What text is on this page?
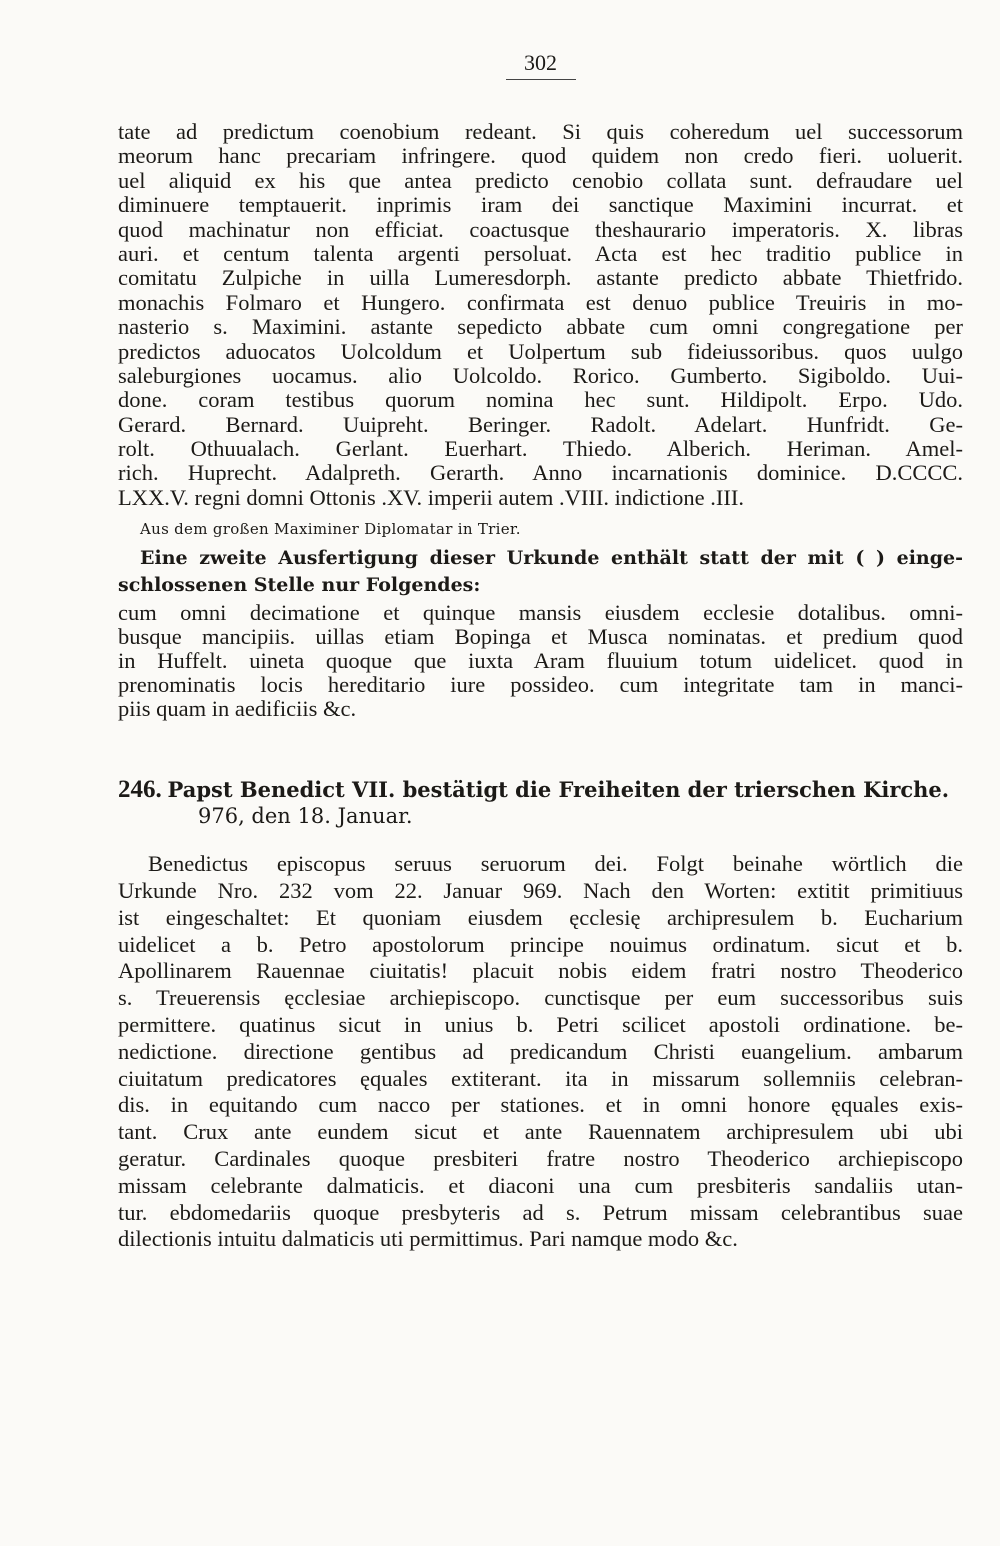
302
tate ad predictum coenobium redeant. Si quis coheredum uel successorum
meorum hanc precariam infringere. quod quidem non credo fieri. uoluerit.
uel aliquid ex his que antea predicto cenobio collata sunt. defraudare uel
diminuere temptauerit. inprimis iram dei sanctique Maximini incurrat. et
quod machinatur non efficiat. coactusque theshaurario imperatoris. X. libras
auri. et centum talenta argenti persoluat. Acta est hec traditio publice in
comitatu Zulpiche in uilla Lumeresdorph. astante predicto abbate Thietfrido.
monachis Folmaro et Hungero. confirmata est denuo publice Treuiris in mo-
nasterio s. Maximini. astante sepedicto abbate cum omni congregatione per
predictos aduocatos Uolcoldum et Uolpertum sub fideiussoribus. quos uulgo
saleburgiones uocamus. alio Uolcoldo. Rorico. Gumberto. Sigiboldo. Uui-
done. coram testibus quorum nomina hec sunt. Hildipolt. Erpo. Udo.
Gerard. Bernard. Uuipreht. Beringer. Radolt. Adelart. Hunfridt. Ge-
rolt. Othuualach. Gerlant. Euerhart. Thiedo. Alberich. Heriman. Amel-
rich. Huprecht. Adalpreth. Gerarth. Anno incarnationis dominice. D.CCCC.
LXX.V. regni domni Ottonis .XV. imperii autem .VIII. indictione .III.
Aus dem großen Maximiner Diplomatar in Trier.
Eine zweite Ausfertigung dieser Urkunde enthält statt der mit ( ) einge-
schlossenen Stelle nur Folgendes:
cum omni decimatione et quinque mansis eiusdem ecclesie dotalibus. omni-
busque mancipiis. uillas etiam Bopinga et Musca nominatas. et predium quod
in Huffelt. uineta quoque que iuxta Aram fluuium totum uidelicet. quod in
prenominatis locis hereditario iure possideo. cum integritate tam in manci-
piis quam in aedificiis &c.
246. Papst Benedict VII. bestätigt die Freiheiten der trierschen Kirche.
976, den 18. Januar.
Benedictus episcopus seruus seruorum dei. Folgt beinahe wörtlich die
Urkunde Nro. 232 vom 22. Januar 969. Nach den Worten: extitit primitiuus
ist eingeschaltet: Et quoniam eiusdem ęcclesię archipresulem b. Eucharium
uidelicet a b. Petro apostolorum principe nouimus ordinatum. sicut et b.
Apollinarem Rauennae ciuitatis! placuit nobis eidem fratri nostro Theoderico
s. Treuerensis ęcclesiae archiepiscopo. cunctisque per eum successoribus suis
permittere. quatinus sicut in unius b. Petri scilicet apostoli ordinatione. be-
nedictione. directione gentibus ad predicandum Christi euangelium. ambarum
ciuitatum predicatores ęquales extiterant. ita in missarum sollemniis celebran-
dis. in equitando cum nacco per stationes. et in omni honore ęquales exis-
tant. Crux ante eundem sicut et ante Rauennatem archipresulem ubi ubi
geratur. Cardinales quoque presbiteri fratre nostro Theoderico archiepiscopo
missam celebrante dalmaticis. et diaconi una cum presbiteris sandaliis utan-
tur. ebdomedariis quoque presbyteris ad s. Petrum missam celebrantibus suae
dilectionis intuitu dalmaticis uti permittimus. Pari namque modo &c.
